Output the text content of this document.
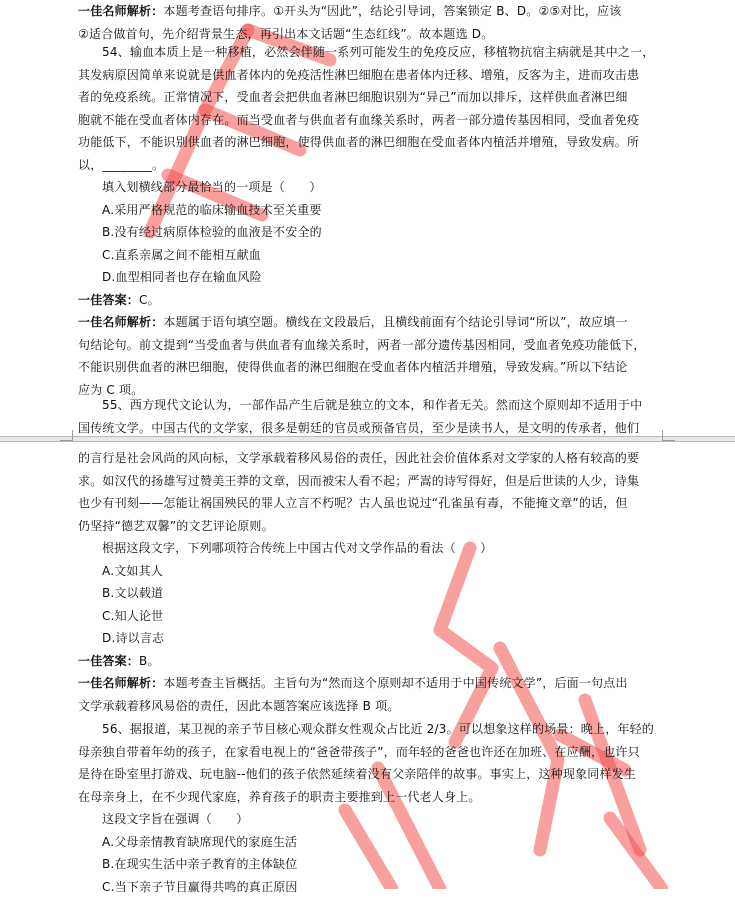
一佳名师解析：本题考查语句排序。①开头为“因此”，结论引导词，答案锁定 B、D。②⑤对比，应该
②适合做首句，先介绍背景生态，再引出本文话题“生态红线”。故本题选 D。
54、输血本质上是一种移植，必然会伴随一系列可能发生的免疫反应，移植物抗宿主病就是其中之一，
其发病原因简单来说就是供血者体内的免疫活性淋巴细胞在患者体内迁移、增殖，反客为主，进而攻击患
者的免疫系统。正常情况下，受血者会把供血者淋巴细胞识别为“异己”而加以排斥，这样供血者淋巴细
胞就不能在受血者体内存在。而当受血者与供血者有血缘关系时，两者一部分遗传基因相同，受血者免疫
功能低下，不能识别供血者的淋巴细胞，使得供血者的淋巴细胞在受血者体内植活并增殖，导致发病。所
以，________。
填入划横线部分最恰当的一项是（　　）
A.采用严格规范的临床输血技术至关重要
B.没有经过病原体检验的血液是不安全的
C.直系亲属之间不能相互献血
D.血型相同者也存在输血风险
一佳答案：C。
一佳名师解析：本题属于语句填空题。横线在文段最后，且横线前面有个结论引导词“所以”，故应填一
句结论句。前文提到“当受血者与供血者有血缘关系时，两者一部分遗传基因相同，受血者免疫功能低下，
不能识别供血者的淋巴细胞，使得供血者的淋巴细胞在受血者体内植活并增殖，导致发病。”所以下结论
应为 C 项。
55、西方现代文论认为，一部作品产生后就是独立的文本，和作者无关。然而这个原则却不适用于中
国传统文学。中国古代的文学家，很多是朝廷的官员或预备官员，至少是读书人，是文明的传承者，他们
的言行是社会风尚的风向标，文学承载着移风易俗的责任，因此社会价值体系对文学家的人格有较高的要
求。如汉代的扬雄写过赞美王莽的文章，因而被宋人看不起；严嵩的诗写得好，但是后世读的人少，诗集
也少有刊刻——怎能让祸国殃民的罪人立言不朽呢？古人虽也说过“孔雀虽有毒，不能掩文章”的话，但
仍坚持“德艺双馨”的文艺评论原则。
根据这段文字，下列哪项符合传统上中国古代对文学作品的看法（　　）
A.文如其人
B.文以载道
C.知人论世
D.诗以言志
一佳答案：B。
一佳名师解析：本题考查主旨概括。主旨句为“然而这个原则却不适用于中国传统文学”，后面一句点出
文学承载着移风易俗的责任，因此本题答案应该选择 B 项。
56、据报道，某卫视的亲子节目核心观众群女性观众占比近 2/3。可以想象这样的场景：晚上，年轻的
母亲独自带着年幼的孩子，在家看电视上的“爸爸带孩子”，而年轻的爸爸也许还在加班、在应酬，也许只
是待在卧室里打游戏、玩电脑--他们的孩子依然延续着没有父亲陪伴的故事。事实上，这种现象同样发生
在母亲身上，在不少现代家庭，养育孩子的职责主要推到上一代老人身上。
这段文字旨在强调（　　）
A.父母亲情教育缺席现代的家庭生活
B.在现实生活中亲子教育的主体缺位
C.当下亲子节目赢得共鸣的真正原因
